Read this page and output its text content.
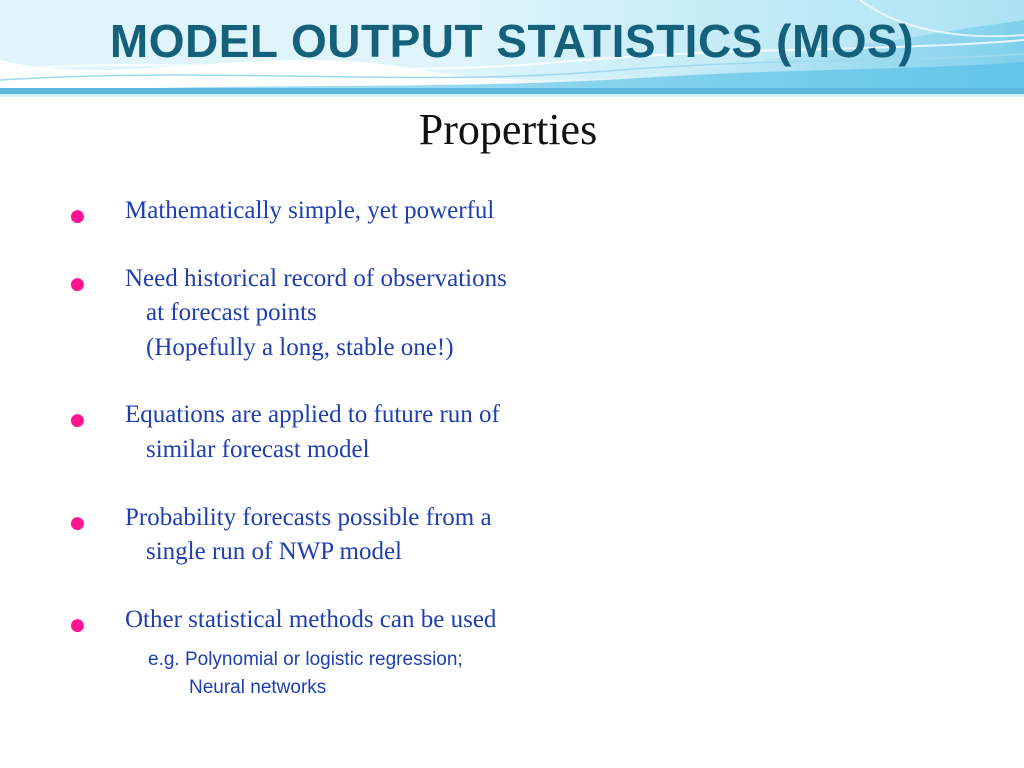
MODEL OUTPUT STATISTICS (MOS)
Properties
● Mathematically simple, yet powerful
● Need historical record of observations
at forecast points
(Hopefully a long, stable one!)
● Equations are applied to future run of
similar forecast model
● Probability forecasts possible from a
single run of NWP model
● Other statistical methods can be used
e.g. Polynomial or logistic regression;
Neural networks
